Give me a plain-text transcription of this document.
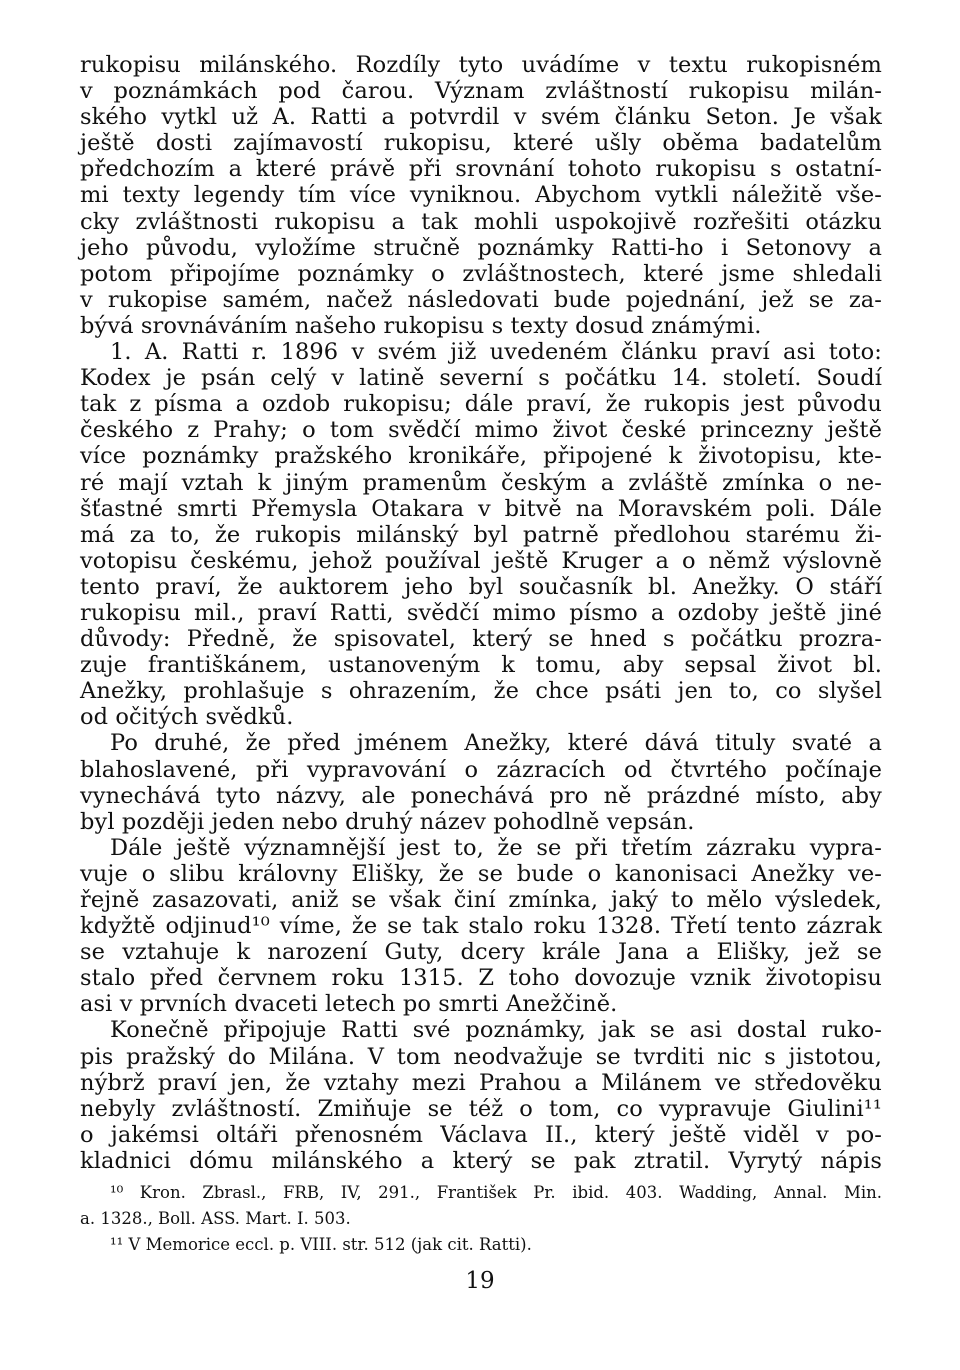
rukopisu milánského. Rozdíly tyto uvádíme v textu rukopisném
v poznámkách pod čarou. Význam zvláštností rukopisu milán-
ského vytkl už A. Ratti a potvrdil v svém článku Seton. Je však
ještě dosti zajímavostí rukopisu, které ušly oběma badatelům
předchozím a které právě při srovnání tohoto rukopisu s ostatní-
mi texty legendy tím více vyniknou. Abychom vytkli náležitě vše-
cky zvláštnosti rukopisu a tak mohli uspokojivě rozřešiti otázku
jeho původu, vyložíme stručně poznámky Ratti-ho i Setonovy a
potom připojíme poznámky o zvláštnostech, které jsme shledali
v rukopise samém, načež následovati bude pojednání, jež se za-
bývá srovnáváním našeho rukopisu s texty dosud známými.
1. A. Ratti r. 1896 v svém již uvedeném článku praví asi toto:
Kodex je psán celý v latině severní s počátku 14. století. Soudí
tak z písma a ozdob rukopisu; dále praví, že rukopis jest původu
českého z Prahy; o tom svědčí mimo život české princezny ještě
více poznámky pražského kronikáře, připojené k životopisu, kte-
ré mají vztah k jiným pramenům českým a zvláště zmínka o ne-
šťastné smrti Přemysla Otakara v bitvě na Moravském poli. Dále
má za to, že rukopis milánský byl patrně předlohou starému ži-
votopisu českému, jehož používal ještě Kruger a o němž výslovně
tento praví, že auktorem jeho byl současník bl. Anežky. O stáří
rukopisu mil., praví Ratti, svědčí mimo písmo a ozdoby ještě jiné
důvody: Předně, že spisovatel, který se hned s počátku prozra-
zuje františkánem, ustanoveným k tomu, aby sepsal život bl.
Anežky, prohlašuje s ohrazením, že chce psáti jen to, co slyšel
od očitých svědků.
Po druhé, že před jménem Anežky, které dává tituly svaté a
blahoslavené, při vypravování o zázracích od čtvrtého počínaje
vynechává tyto názvy, ale ponechává pro ně prázdné místo, aby
byl později jeden nebo druhý název pohodlně vepsán.
Dále ještě významnější jest to, že se při třetím zázraku vypra-
vuje o slibu královny Elišky, že se bude o kanonisaci Anežky ve-
řejně zasazovati, aniž se však činí zmínka, jaký to mělo výsledek,
kdyžtě odjinud¹⁰ víme, že se tak stalo roku 1328. Třetí tento zázrak
se vztahuje k narození Guty, dcery krále Jana a Elišky, jež se
stalo před červnem roku 1315. Z toho dovozuje vznik životopisu
asi v prvních dvaceti letech po smrti Anežčině.
Konečně připojuje Ratti své poznámky, jak se asi dostal ruko-
pis pražský do Milána. V tom neodvažuje se tvrditi nic s jistotou,
nýbrž praví jen, že vztahy mezi Prahou a Milánem ve středověku
nebyly zvláštností. Zmiňuje se též o tom, co vypravuje Giulini¹¹
o jakémsi oltáři přenosném Václava II., který ještě viděl v po-
kladnici dómu milánského a který se pak ztratil. Vyrytý nápis
¹⁰ Kron. Zbrasl., FRB, IV, 291., František Pr. ibid. 403. Wadding, Annal. Min.
a. 1328., Boll. ASS. Mart. I. 503.
¹¹ V Memorice eccl. p. VIII. str. 512 (jak cit. Ratti).
19
